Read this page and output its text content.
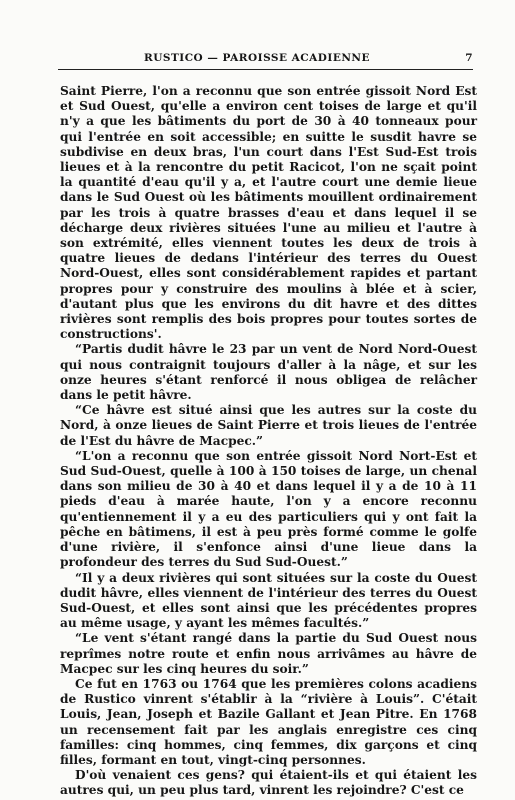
RUSTICO — PAROISSE ACADIENNE	7

Saint Pierre, l'on a reconnu que son entrée gissoit Nord Est et Sud Ouest, qu'elle a environ cent toises de large et qu'il n'y a que les bâtiments du port de 30 à 40 tonneaux pour qui l'entrée en soit accessible; en suitte le susdit havre se subdivise en deux bras, l'un court dans l'Est Sud-Est trois lieues et à la rencontre du petit Racicot, l'on ne sçait point la quantité d'eau qu'il y a, et l'autre court une demie lieue dans le Sud Ouest où les bâtiments mouillent ordinairement par les trois à quatre brasses d'eau et dans lequel il se décharge deux rivières situées l'une au milieu et l'autre à son extrémité, elles viennent toutes les deux de trois à quatre lieues de dedans l'intérieur des terres du Ouest Nord-Ouest, elles sont considérablement rapides et partant propres pour y construire des moulins à blée et à scier, d'autant plus que les environs du dit havre et des dittes rivières sont remplis des bois propres pour toutes sortes de constructions'.

“Partis dudit hâvre le 23 par un vent de Nord Nord-Ouest qui nous contraignit toujours d'aller à la nâge, et sur les onze heures s'étant renforcé il nous obligea de relâcher dans le petit hâvre.

“Ce hâvre est situé ainsi que les autres sur la coste du Nord, à onze lieues de Saint Pierre et trois lieues de l'entrée de l'Est du hâvre de Macpec.”

“L'on a reconnu que son entrée gissoit Nord Nort-Est et Sud Sud-Ouest, quelle à 100 à 150 toises de large, un chenal dans son milieu de 30 à 40 et dans lequel il y a de 10 à 11 pieds d'eau à marée haute, l'on y a encore reconnu qu'entiennement il y a eu des particuliers qui y ont fait la pêche en bâtimens, il est à peu près formé comme le golfe d'une rivière, il s'enfonce ainsi d'une lieue dans la profondeur des terres du Sud Sud-Ouest.”

“Il y a deux rivières qui sont situées sur la coste du Ouest dudit hâvre, elles viennent de l'intérieur des terres du Ouest Sud-Ouest, et elles sont ainsi que les précédentes propres au même usage, y ayant les mêmes facultés.”

“Le vent s'étant rangé dans la partie du Sud Ouest nous reprîmes notre route et enfin nous arrivâmes au hâvre de Macpec sur les cinq heures du soir.”

Ce fut en 1763 ou 1764 que les premières colons acadiens de Rustico vinrent s'établir à la “rivière à Louis”. C'était Louis, Jean, Joseph et Bazile Gallant et Jean Pitre. En 1768 un recensement fait par les anglais enregistre ces cinq familles: cinq hommes, cinq femmes, dix garçons et cinq filles, formant en tout, vingt-cinq personnes.

D'où venaient ces gens? qui étaient-ils et qui étaient les autres qui, un peu plus tard, vinrent les rejoindre? C'est ce
